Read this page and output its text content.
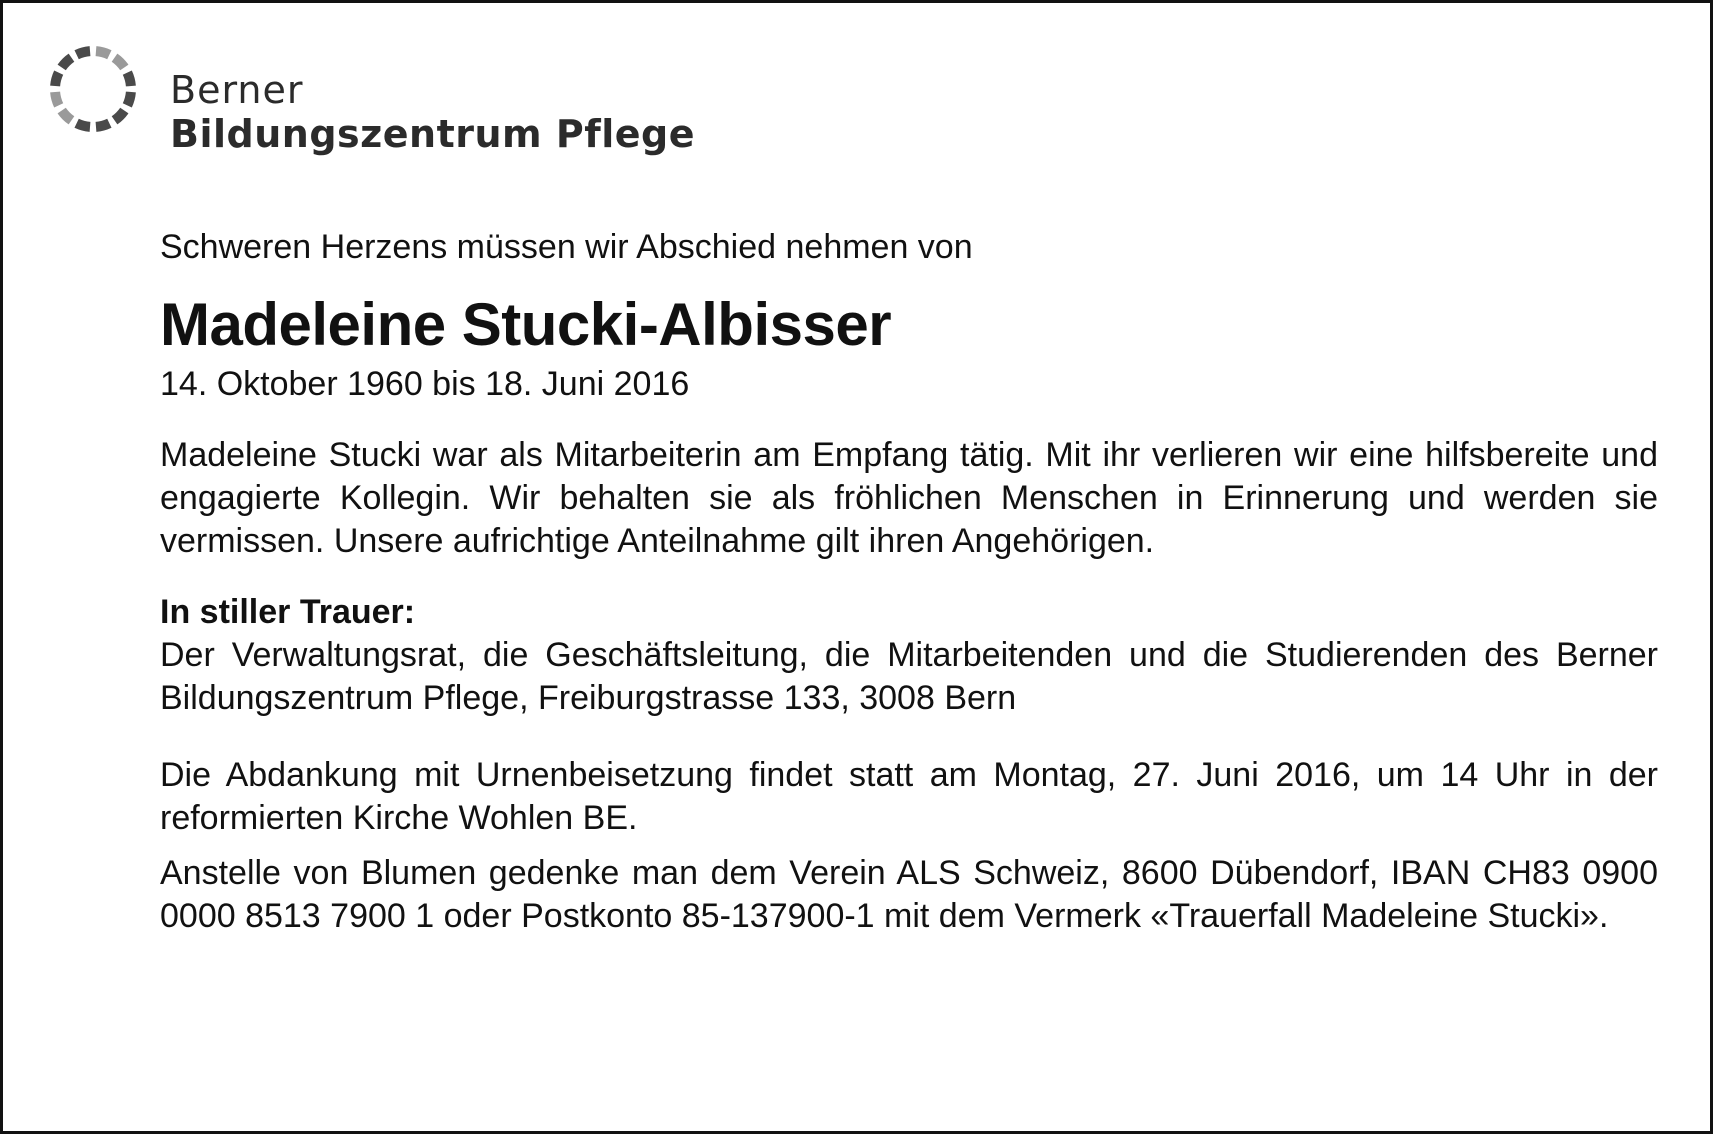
Berner
Bildungszentrum Pflege

Schweren Herzens müssen wir Abschied nehmen von

Madeleine Stucki-Albisser

14. Oktober 1960 bis 18. Juni 2016

Madeleine Stucki war als Mitarbeiterin am Empfang tätig. Mit ihr verlieren wir eine hilfsbereite und engagierte Kollegin. Wir behalten sie als fröhlichen Menschen in Erinnerung und werden sie vermissen. Unsere aufrichtige Anteilnahme gilt ihren Angehörigen.

In stiller Trauer:

Der Verwaltungsrat, die Geschäftsleitung, die Mitarbeitenden und die Studierenden des Berner Bildungszentrum Pflege, Freiburgstrasse 133, 3008 Bern

Die Abdankung mit Urnenbeisetzung findet statt am Montag, 27. Juni 2016, um 14 Uhr in der reformierten Kirche Wohlen BE.

Anstelle von Blumen gedenke man dem Verein ALS Schweiz, 8600 Dübendorf, IBAN CH83 0900 0000 8513 7900 1 oder Postkonto 85-137900-1 mit dem Vermerk «Trauerfall Madeleine Stucki».
